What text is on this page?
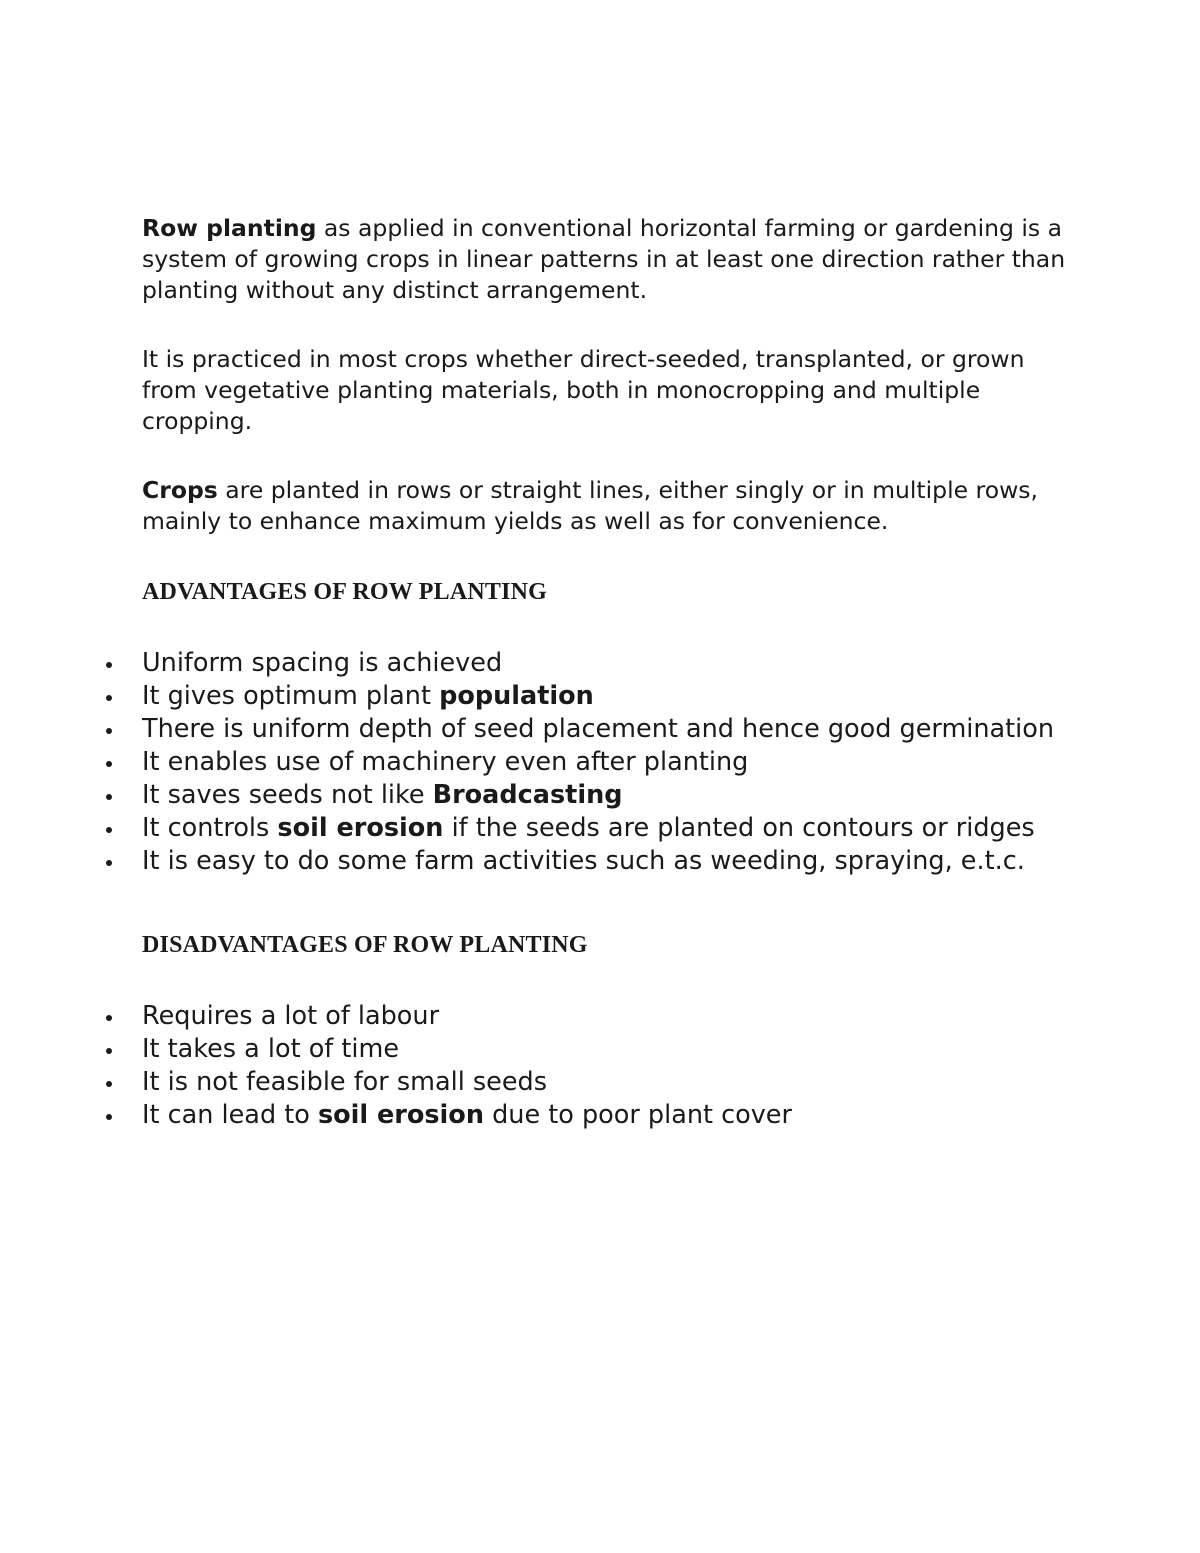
Row planting as applied in conventional horizontal farming or gardening is a system of growing crops in linear patterns in at least one direction rather than planting without any distinct arrangement.

It is practiced in most crops whether direct-seeded, transplanted, or grown from vegetative planting materials, both in monocropping and multiple cropping.

Crops are planted in rows or straight lines, either singly or in multiple rows, mainly to enhance maximum yields as well as for convenience.

ADVANTAGES OF ROW PLANTING
Uniform spacing is achieved
It gives optimum plant population
There is uniform depth of seed placement and hence good germination
It enables use of machinery even after planting
It saves seeds not like Broadcasting
It controls soil erosion if the seeds are planted on contours or ridges
It is easy to do some farm activities such as weeding, spraying, e.t.c.
DISADVANTAGES OF ROW PLANTING
Requires a lot of labour
It takes a lot of time
It is not feasible for small seeds
It can lead to soil erosion due to poor plant cover
